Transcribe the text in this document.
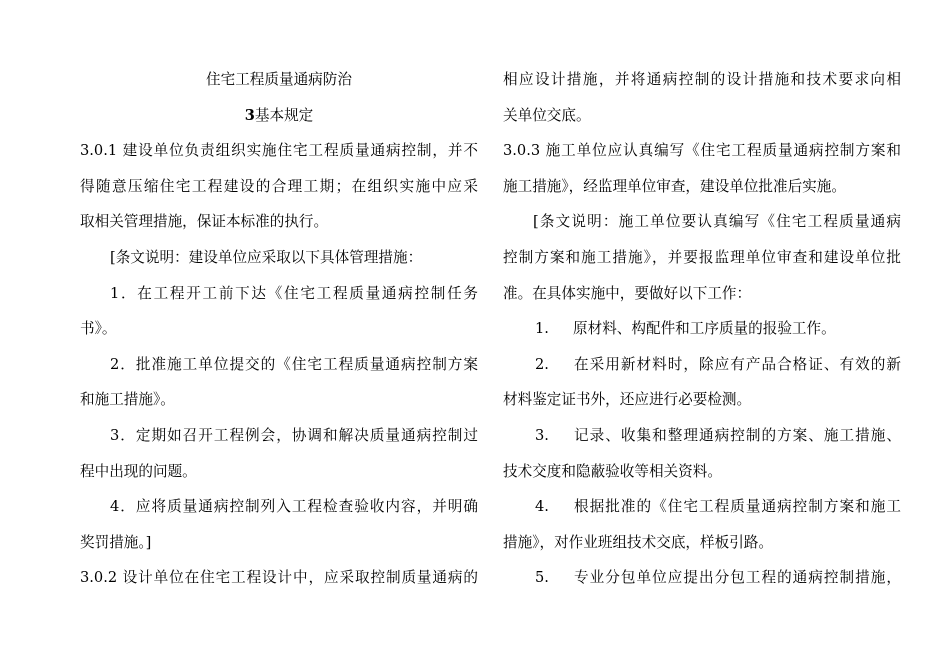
住宅工程质量通病防治
3基本规定
3.0.1 建设单位负责组织实施住宅工程质量通病控制，并不
得随意压缩住宅工程建设的合理工期；在组织实施中应采
取相关管理措施，保证本标准的执行。
[条文说明：建设单位应采取以下具体管理措施：
1．在工程开工前下达《住宅工程质量通病控制任务
书》。
2．批准施工单位提交的《住宅工程质量通病控制方案
和施工措施》。
3．定期如召开工程例会，协调和解决质量通病控制过
程中出现的问题。
4．应将质量通病控制列入工程检查验收内容，并明确
奖罚措施。]
3.0.2 设计单位在住宅工程设计中，应采取控制质量通病的
相应设计措施，并将通病控制的设计措施和技术要求向相
关单位交底。
3.0.3 施工单位应认真编写《住宅工程质量通病控制方案和
施工措施》，经监理单位审查，建设单位批准后实施。
[条文说明：施工单位要认真编写《住宅工程质量通病
控制方案和施工措施》，并要报监理单位审查和建设单位批
准。在具体实施中，要做好以下工作：
1. 原材料、构配件和工序质量的报验工作。
2. 在采用新材料时，除应有产品合格证、有效的新
材料鉴定证书外，还应进行必要检测。
3. 记录、收集和整理通病控制的方案、施工措施、
技术交度和隐蔽验收等相关资料。
4. 根据批准的《住宅工程质量通病控制方案和施工
措施》，对作业班组技术交底，样板引路。
5. 专业分包单位应提出分包工程的通病控制措施，
